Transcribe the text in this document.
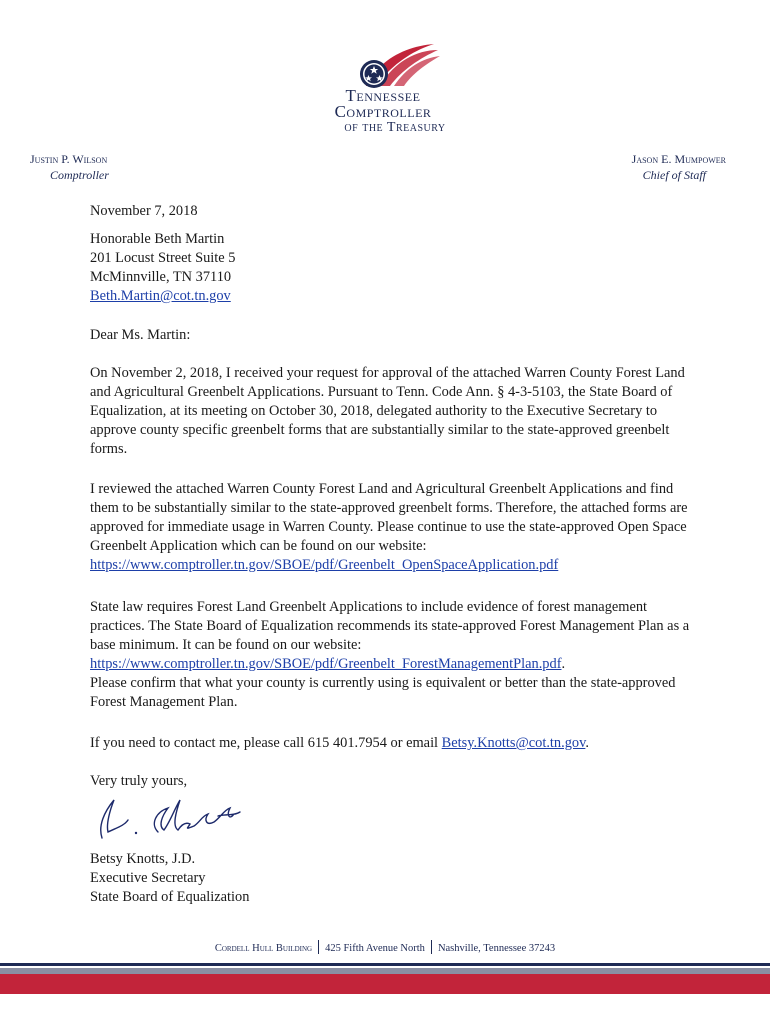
Tennessee
Comptroller
of the Treasury
Justin P. Wilson
Comptroller
Jason E. Mumpower
Chief of Staff
November 7, 2018
Honorable Beth Martin
201 Locust Street Suite 5
McMinnville, TN 37110
Beth.Martin@cot.tn.gov
Dear Ms. Martin:

On November 2, 2018, I received your request for approval of the attached Warren County Forest Land and Agricultural Greenbelt Applications. Pursuant to Tenn. Code Ann. § 4-3-5103, the State Board of Equalization, at its meeting on October 30, 2018, delegated authority to the Executive Secretary to approve county specific greenbelt forms that are substantially similar to the state-approved greenbelt forms.

I reviewed the attached Warren County Forest Land and Agricultural Greenbelt Applications and find them to be substantially similar to the state-approved greenbelt forms. Therefore, the attached forms are approved for immediate usage in Warren County. Please continue to use the state-approved Open Space Greenbelt Application which can be found on our website:
https://www.comptroller.tn.gov/SBOE/pdf/Greenbelt_OpenSpaceApplication.pdf
State law requires Forest Land Greenbelt Applications to include evidence of forest management practices. The State Board of Equalization recommends its state-approved Forest Management Plan as a base minimum. It can be found on our website:
https://www.comptroller.tn.gov/SBOE/pdf/Greenbelt_ForestManagementPlan.pdf.
Please confirm that what your county is currently using is equivalent or better than the state-approved Forest Management Plan.
If you need to contact me, please call 615 401.7954 or email Betsy.Knotts@cot.tn.gov.
Very truly yours,
Betsy Knotts, J.D.
Executive Secretary
State Board of Equalization
Cordell Hull Building 425 Fifth Avenue North Nashville, Tennessee 37243
